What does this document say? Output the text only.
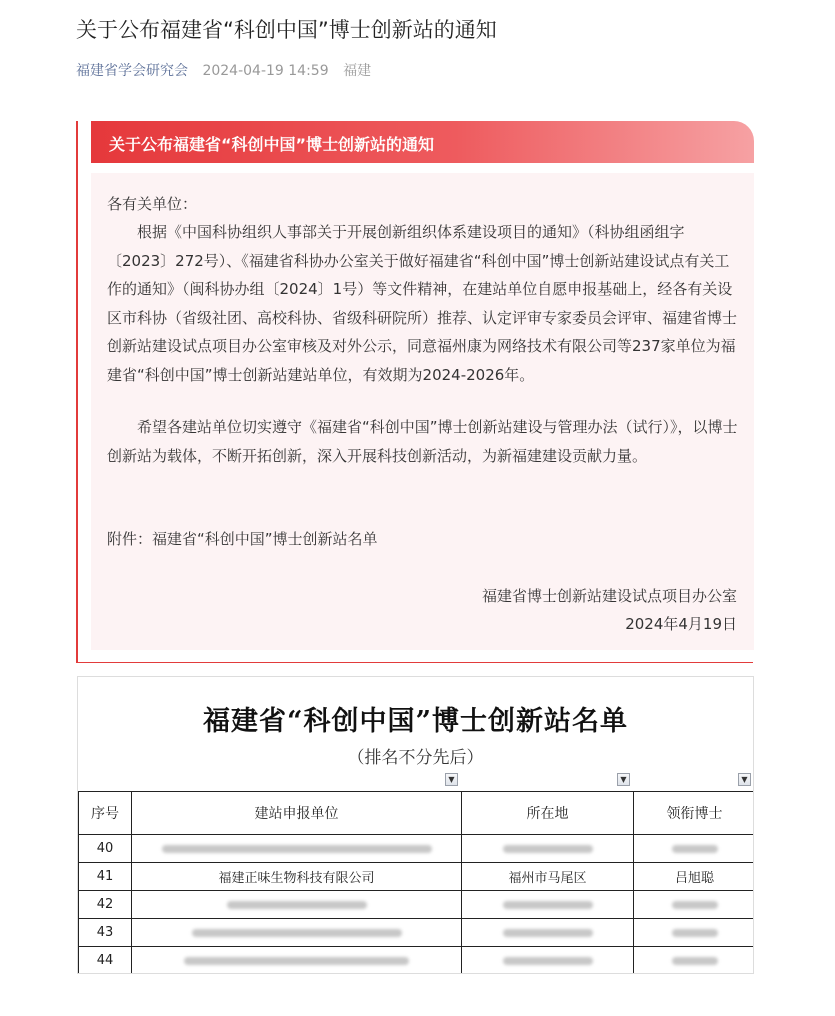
关于公布福建省“科创中国”博士创新站的通知
福建省学会研究会 2024-04-19 14:59 福建
关于公布福建省“科创中国”博士创新站的通知

各有关单位：

根据《中国科协组织人事部关于开展创新组织体系建设项目的通知》（科协组函组字〔2023〕272号）、《福建省科协办公室关于做好福建省“科创中国”博士创新站建设试点有关工作的通知》（闽科协办组〔2024〕1号）等文件精神，在建站单位自愿申报基础上，经各有关设区市科协（省级社团、高校科协、省级科研院所）推荐、认定评审专家委员会评审、福建省博士创新站建设试点项目办公室审核及对外公示，同意福州康为网络技术有限公司等237家单位为福建省“科创中国”博士创新站建站单位，有效期为2024-2026年。

希望各建站单位切实遵守《福建省“科创中国”博士创新站建设与管理办法（试行）》，以博士创新站为载体，不断开拓创新，深入开展科技创新活动，为新福建建设贡献力量。

附件：福建省“科创中国”博士创新站名单

福建省博士创新站建设试点项目办公室
2024年4月19日
福建省“科创中国”博士创新站名单
（排名不分先后）
▼	▼	▼
序号	建站申报单位	所在地	领衔博士
40			
41	福建正味生物科技有限公司	福州市马尾区	吕旭聪
42			
43			
44			
